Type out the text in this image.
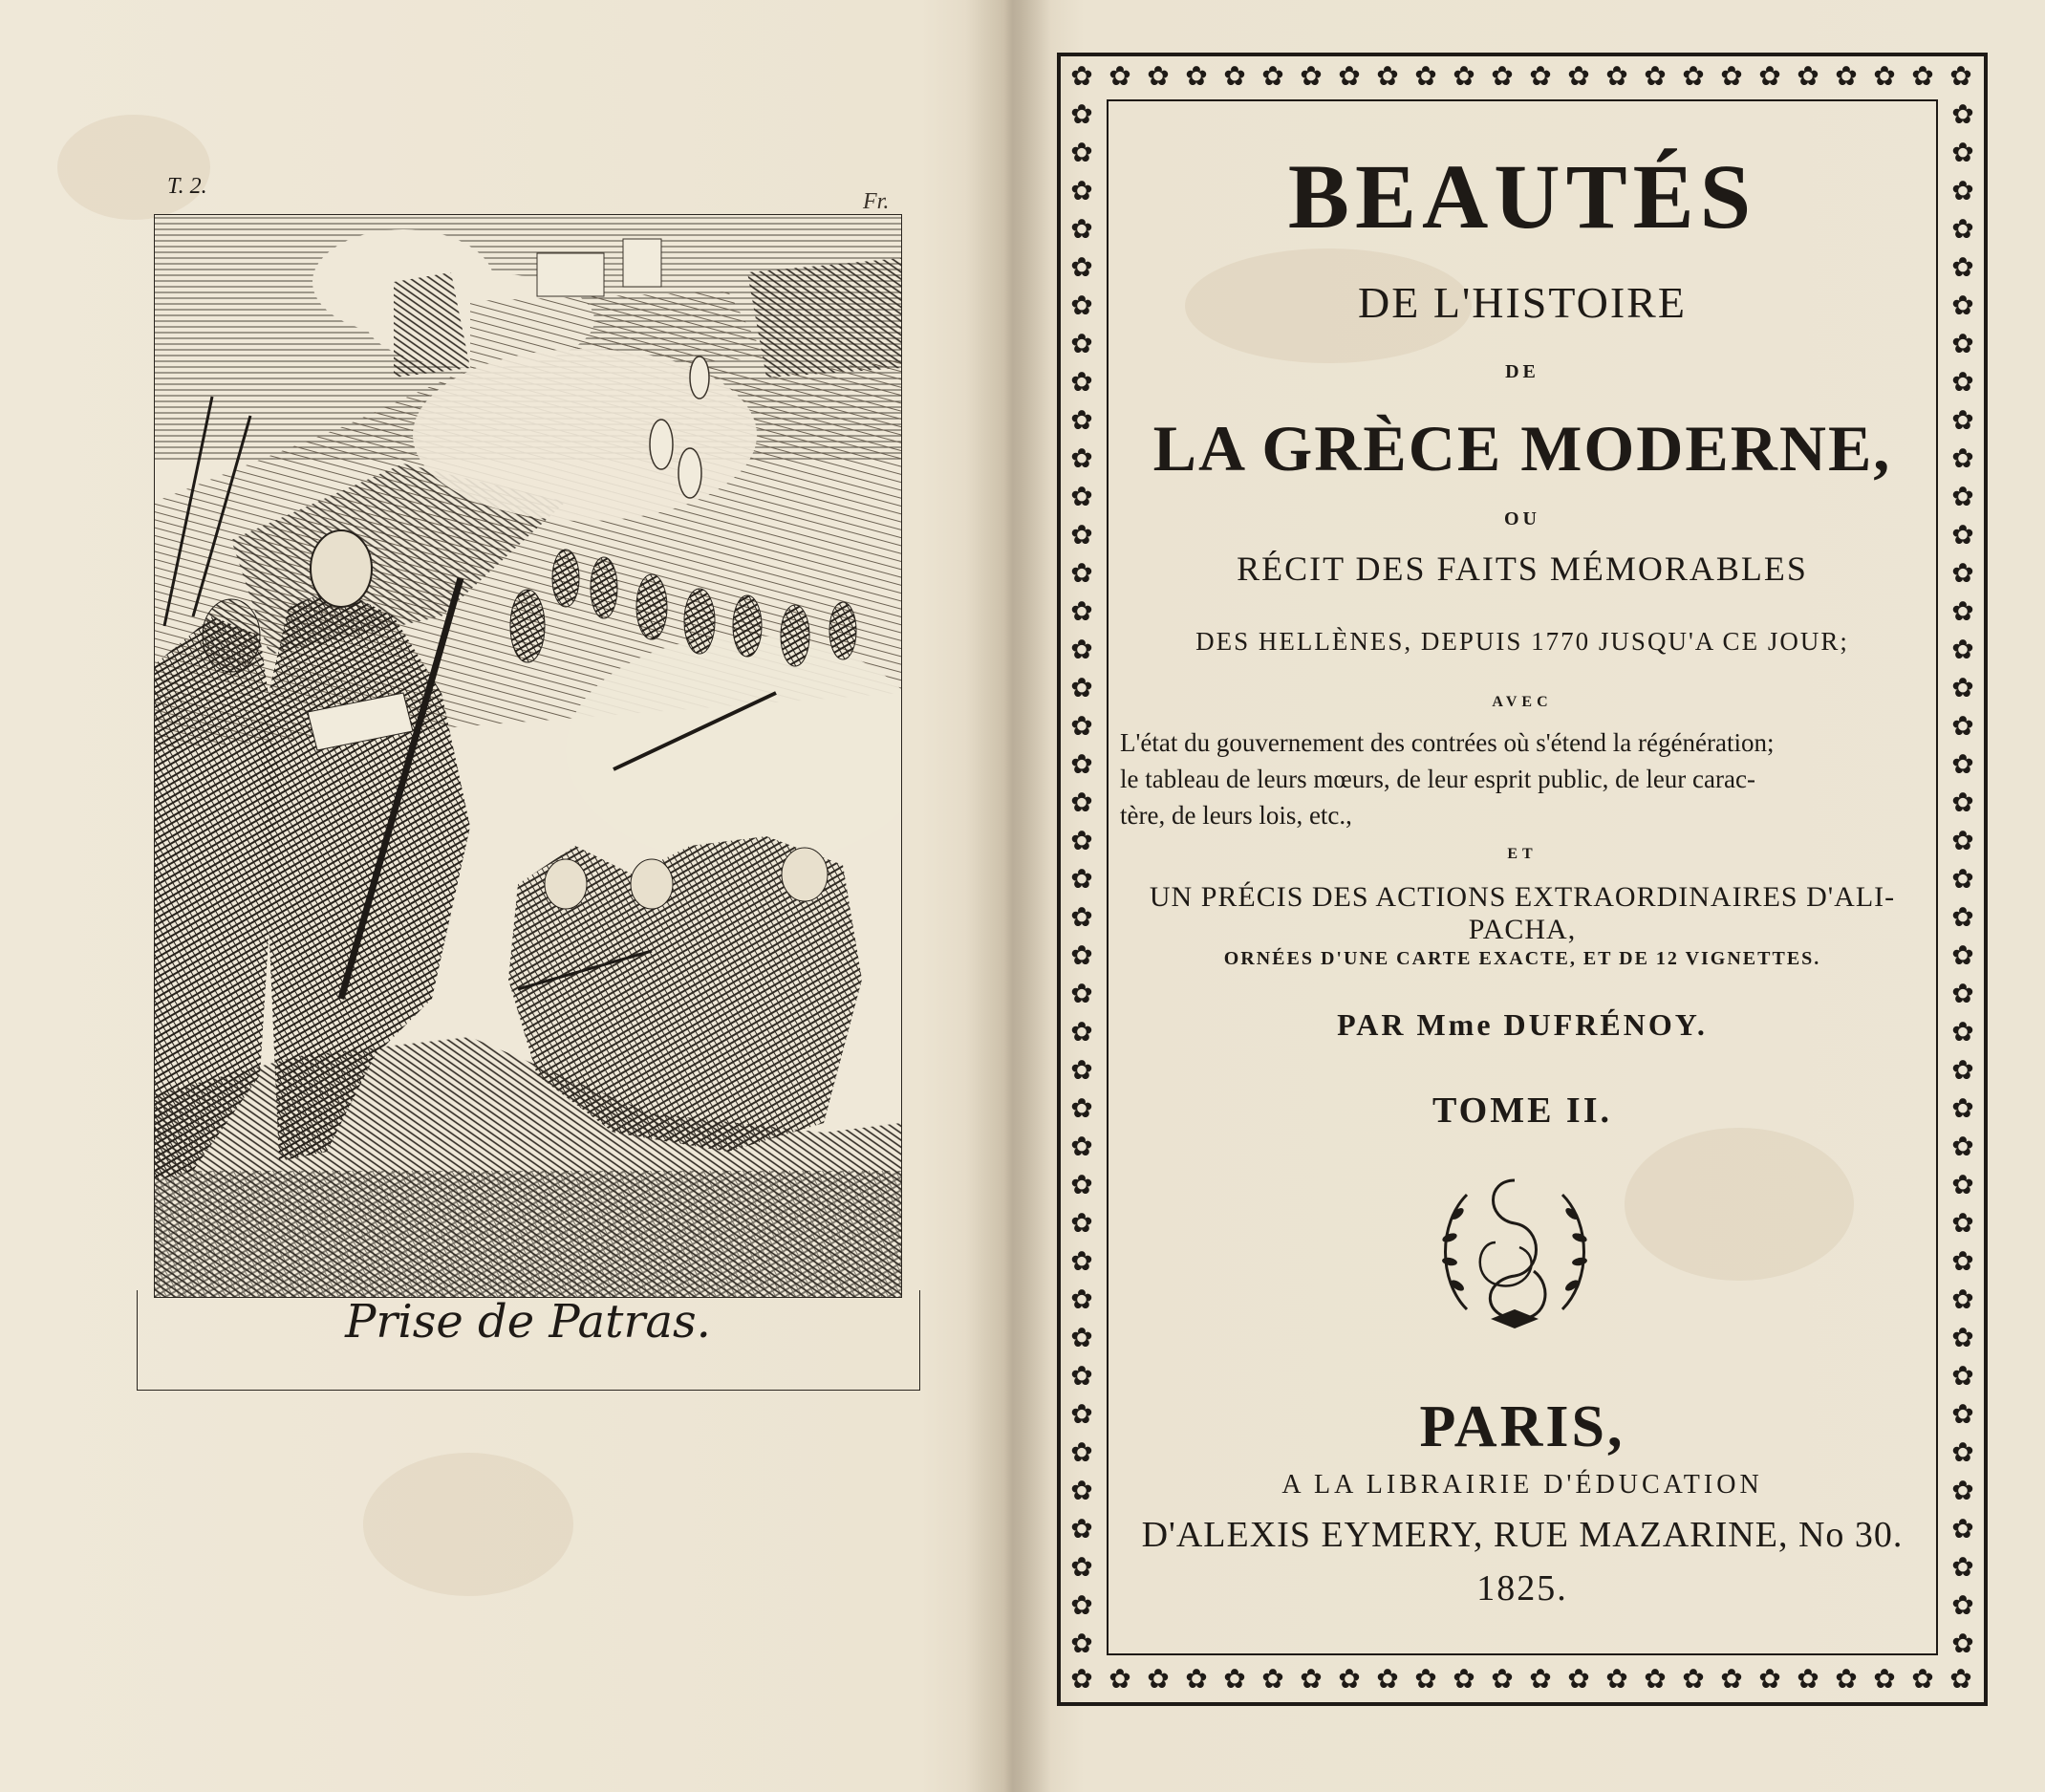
T. 2.
Fr.
Prise de Patras.
✿
✿
✿
✿
✿
✿
✿
✿
✿
✿
✿
✿
✿
✿
✿
✿
✿
✿
✿
✿
✿
✿
✿
✿
✿
✿
✿
✿
✿
✿
✿
✿
✿
✿
✿
✿
✿
✿
✿
✿
✿
✿
✿
✿
✿
✿
✿
✿
✿	✿
✿	✿
✿	✿
✿	✿
✿	✿
✿	✿
✿	✿
✿	✿
✿	✿
✿	✿
✿	✿
✿	✿
✿	✿
✿	✿
✿	✿
✿	✿
✿	✿
✿	✿
✿	✿
✿	✿
✿	✿
✿	✿
✿	✿
✿	✿
✿	✿
✿	✿
✿	✿
✿	✿
✿	✿
✿	✿
✿	✿
✿	✿
✿	✿
✿	✿
✿	✿
✿	✿
✿	✿
✿	✿
✿	✿
✿	✿
✿	✿
BEAUTÉS
DE L'HISTOIRE
DE
LA GRÈCE MODERNE,
OU
RÉCIT DES FAITS MÉMORABLES
DES HELLÈNES, DEPUIS 1770 JUSQU'A CE JOUR;
AVEC
L'état du gouvernement des contrées où s'étend la régénération;
le tableau de leurs mœurs, de leur esprit public, de leur carac-
tère, de leurs lois, etc.,
ET
UN PRÉCIS DES ACTIONS EXTRAORDINAIRES D'ALI-PACHA,
ORNÉES D'UNE CARTE EXACTE, ET DE 12 VIGNETTES.
PAR Mme DUFRÉNOY.
TOME II.
PARIS,
A LA LIBRAIRIE D'ÉDUCATION
D'ALEXIS EYMERY, RUE MAZARINE, No 30.
1825.
